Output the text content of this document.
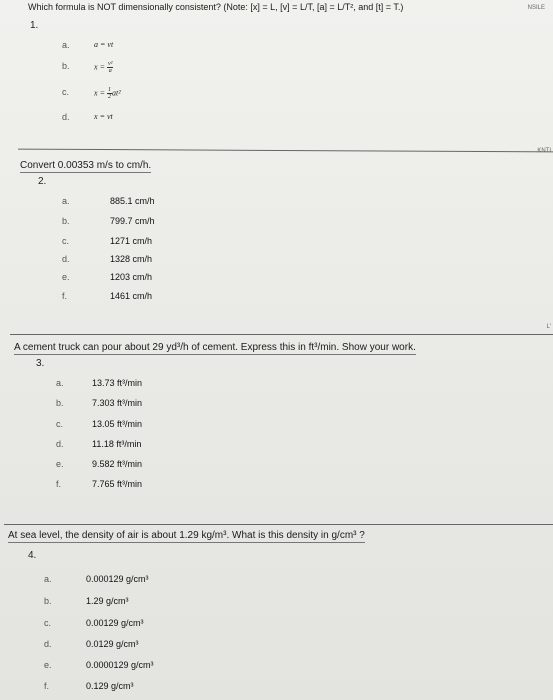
NSILE
KNTI
L'
Which formula is NOT dimensionally consistent? (Note: [x] = L, [v] = L/T, [a] = L/T², and [t] = T.)
1.
a.	a = vt
b.	$x = \frac{\text{v²}}{a}$
c.	$x = \frac{1}{2} at^2$
d.	x = vt
Convert 0.00353 m/s to cm/h.
2.
a.	885.1 cm/h
b.	799.7 cm/h
c.	1271 cm/h
d.	1328 cm/h
e.	1203 cm/h
f.	1461 cm/h
A cement truck can pour about 29 yd³/h of cement. Express this in ft³/min. Show your work.
3.
a.	13.73 ft³/min
b.	7.303 ft³/min
c.	13.05 ft³/min
d.	11.18 ft³/min
e.	9.582 ft³/min
f.	7.765 ft³/min
At sea level, the density of air is about 1.29 kg/m³. What is this density in g/cm³ ?
4.
a.	0.000129 g/cm³
b.	1.29 g/cm³
c.	0.00129 g/cm³
d.	0.0129 g/cm³
e.	0.0000129 g/cm³
f.	0.129 g/cm³
